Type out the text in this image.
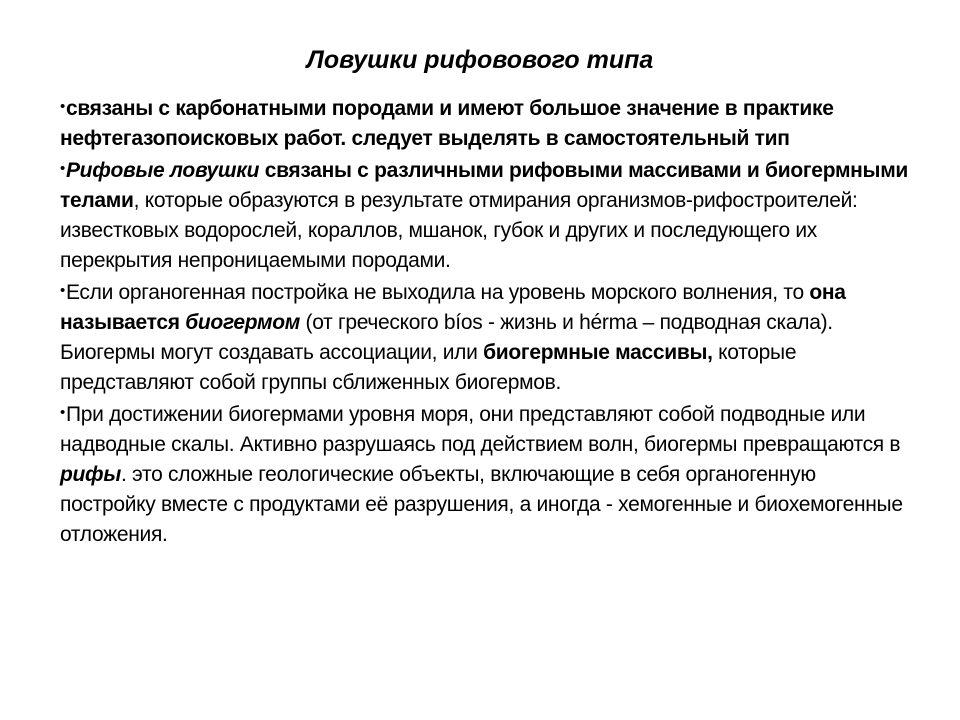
Ловушки рифовового типа

•связаны с карбонатными породами и имеют большое значение в практике нефтегазопоисковых работ. следует выделять в самостоятельный тип

•Рифовые ловушки связаны с различными рифовыми массивами и биогермными телами, которые образуются в результате отмирания организмов-рифостроителей: известковых водорослей, кораллов, мшанок, губок и других и последующего их перекрытия непроницаемыми породами.

•Если органогенная постройка не выходила на уровень морского волнения, то она называется биогермом (от греческого bíos - жизнь и hérma – подводная скала). Биогермы могут создавать ассоциации, или биогермные массивы, которые представляют собой группы сближенных биогермов.

•При достижении биогермами уровня моря, они представляют собой подводные или надводные скалы. Активно разрушаясь под действием волн, биогермы превращаются в рифы. это сложные геологические объекты, включающие в себя органогенную постройку вместе с продуктами её разрушения, а иногда - хемогенные и биохемогенные отложения.
